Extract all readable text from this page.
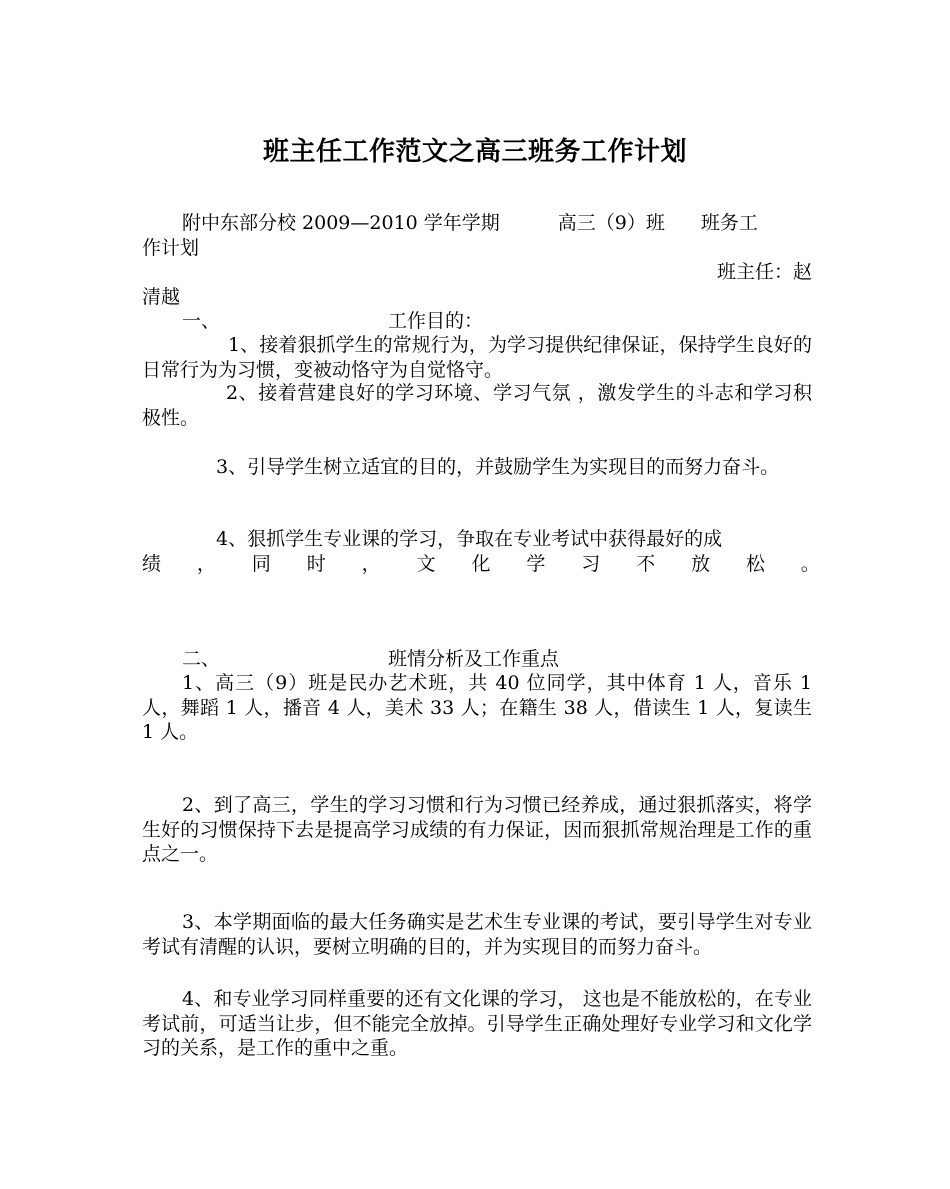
班主任工作范文之高三班务工作计划

附中东部分校 2009—2010 学年学期	高三（9）班 班务工

作计划

班主任：赵

清越

一、	工作目的：

1、接着狠抓学生的常规行为，为学习提供纪律保证，保持学生良好的日常行为为习惯，变被动恪守为自觉恪守。

2、接着营建良好的学习环境、学习气氛 ，激发学生的斗志和学习积极性。

3、引导学生树立适宜的目的，并鼓励学生为实现目的而努力奋斗。

4、狠抓学生专业课的学习，争取在专业考试中获得最好的成

绩 ， 同 时 ， 文 化 学 习 不 放 松 。

二、	班情分析及工作重点

1、高三（9）班是民办艺术班，共 40 位同学，其中体育 1 人，音乐 1 人，舞蹈 1 人，播音 4 人，美术 33 人；在籍生 38 人，借读生 1 人，复读生 1 人。

2、到了高三，学生的学习习惯和行为习惯已经养成，通过狠抓落实，将学生好的习惯保持下去是提高学习成绩的有力保证，因而狠抓常规治理是工作的重点之一。

3、本学期面临的最大任务确实是艺术生专业课的考试，要引导学生对专业考试有清醒的认识，要树立明确的目的，并为实现目的而努力奋斗。

4、和专业学习同样重要的还有文化课的学习， 这也是不能放松的，在专业考试前，可适当让步，但不能完全放掉。引导学生正确处理好专业学习和文化学习的关系，是工作的重中之重。
